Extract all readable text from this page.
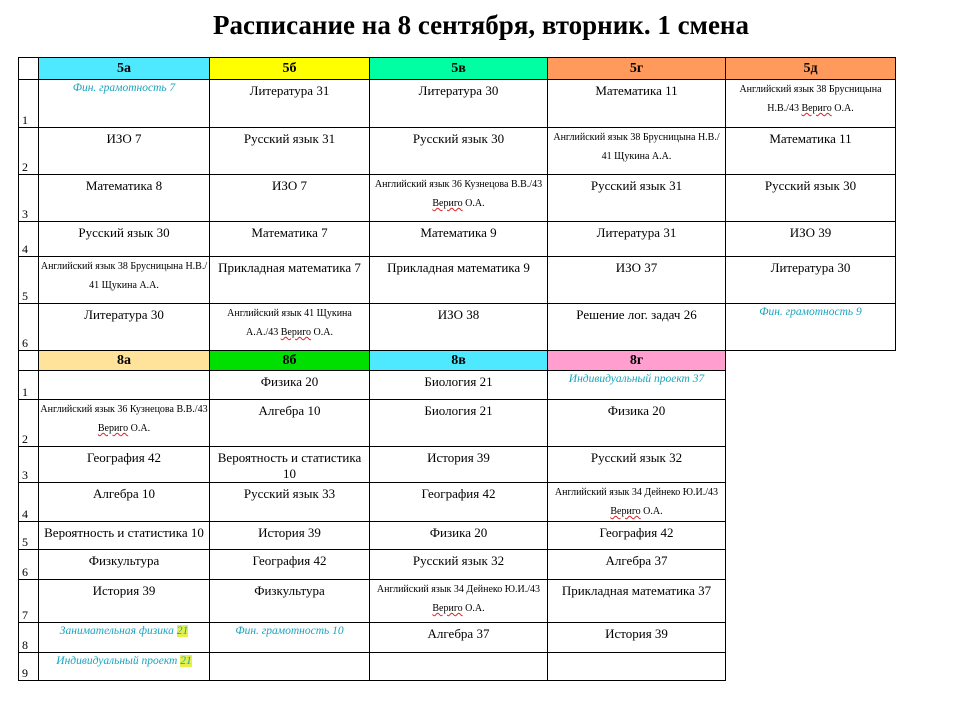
Расписание на 8 сентября, вторник. 1 смена
	5а	5б	5в	5г	5д
1	Фин. грамотность 7	Литература 31	Литература 30	Математика 11	Английский язык 38 Брусницына Н.В./43 Вериго О.А.

2	ИЗО 7	Русский язык 31	Русский язык 30	Английский язык 38 Брусницына Н.В./ 41 Щукина А.А.	Математика 11

3	Математика 8	ИЗО 7	Английский язык 36 Кузнецова В.В./43 Вериго О.А.	Русский язык 31	Русский язык 30

4	Русский язык 30	Математика 7	Математика 9	Литература 31	ИЗО 39

5	Английский язык 38 Брусницына Н.В./ 41 Щукина А.А.	Прикладная математика 7	Прикладная математика 9	ИЗО 37	Литература 30

6	Литература 30	Английский язык 41 Щукина А.А./43 Вериго О.А.	ИЗО 38	Решение лог. задач 26	Фин. грамотность 9

	8а	8б	8в	8г	
1		Физика 20	Биология 21	Индивидуальный проект 37	

2	Английский язык 36 Кузнецова В.В./43 Вериго О.А.	Алгебра 10	Биология 21	Физика 20	

3	География 42	Вероятность и статистика 10	История 39	Русский язык 32	

4	Алгебра 10	Русский язык 33	География 42	Английский язык 34 Дейнеко Ю.И./43 Вериго О.А.	

5	Вероятность и статистика 10	История 39	Физика 20	География 42	

6	Физкультура	География 42	Русский язык 32	Алгебра 37	

7	История 39	Физкультура	Английский язык 34 Дейнеко Ю.И./43 Вериго О.А.	Прикладная математика 37	

8	Занимательная физика 21	Фин. грамотность 10	Алгебра 37	История 39	

9	Индивидуальный проект 21				
